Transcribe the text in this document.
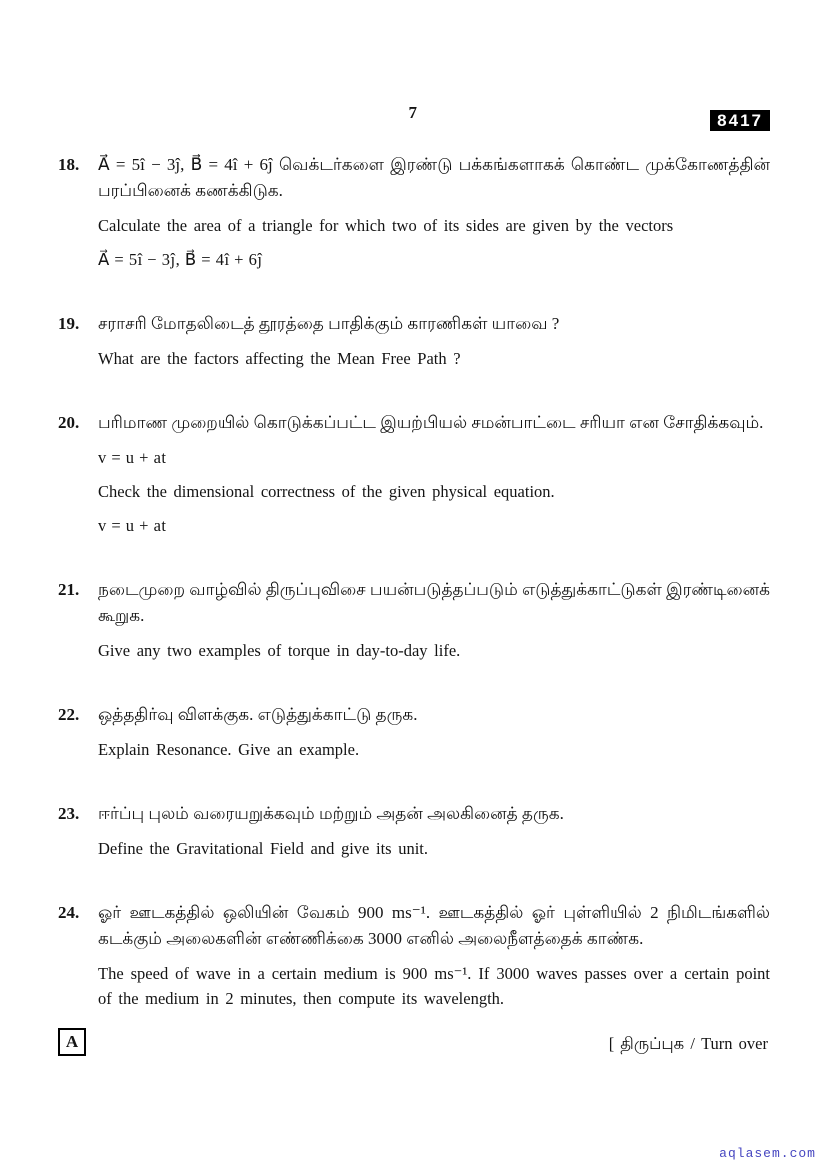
7	8417
18.	A⃗ = 5î − 3ĵ, B⃗ = 4î + 6ĵ வெக்டர்களை இரண்டு பக்கங்களாகக் கொண்ட முக்கோணத்தின் பரப்பினைக் கணக்கிடுக.

Calculate the area of a triangle for which two of its sides are given by the vectors

A⃗ = 5î − 3ĵ, B⃗ = 4î + 6ĵ

19.	சராசரி மோதலிடைத் தூரத்தை பாதிக்கும் காரணிகள் யாவை ?

What are the factors affecting the Mean Free Path ?

20.	பரிமாண முறையில் கொடுக்கப்பட்ட இயற்பியல் சமன்பாட்டை சரியா என சோதிக்கவும்.

v = u + at

Check the dimensional correctness of the given physical equation.

v = u + at

21.	நடைமுறை வாழ்வில் திருப்புவிசை பயன்படுத்தப்படும் எடுத்துக்காட்டுகள் இரண்டினைக் கூறுக.

Give any two examples of torque in day-to-day life.

22.	ஒத்ததிர்வு விளக்குக. எடுத்துக்காட்டு தருக.

Explain Resonance. Give an example.

23.	ஈர்ப்பு புலம் வரையறுக்கவும் மற்றும் அதன் அலகினைத் தருக.

Define the Gravitational Field and give its unit.

24.	ஓர் ஊடகத்தில் ஒலியின் வேகம் 900 ms⁻¹. ஊடகத்தில் ஓர் புள்ளியில் 2 நிமிடங்களில் கடக்கும் அலைகளின் எண்ணிக்கை 3000 எனில் அலைநீளத்தைக் காண்க.

The speed of wave in a certain medium is 900 ms⁻¹. If 3000 waves passes over a certain point of the medium in 2 minutes, then compute its wavelength.

A	[ திருப்புக / Turn over
aqlasem.com
